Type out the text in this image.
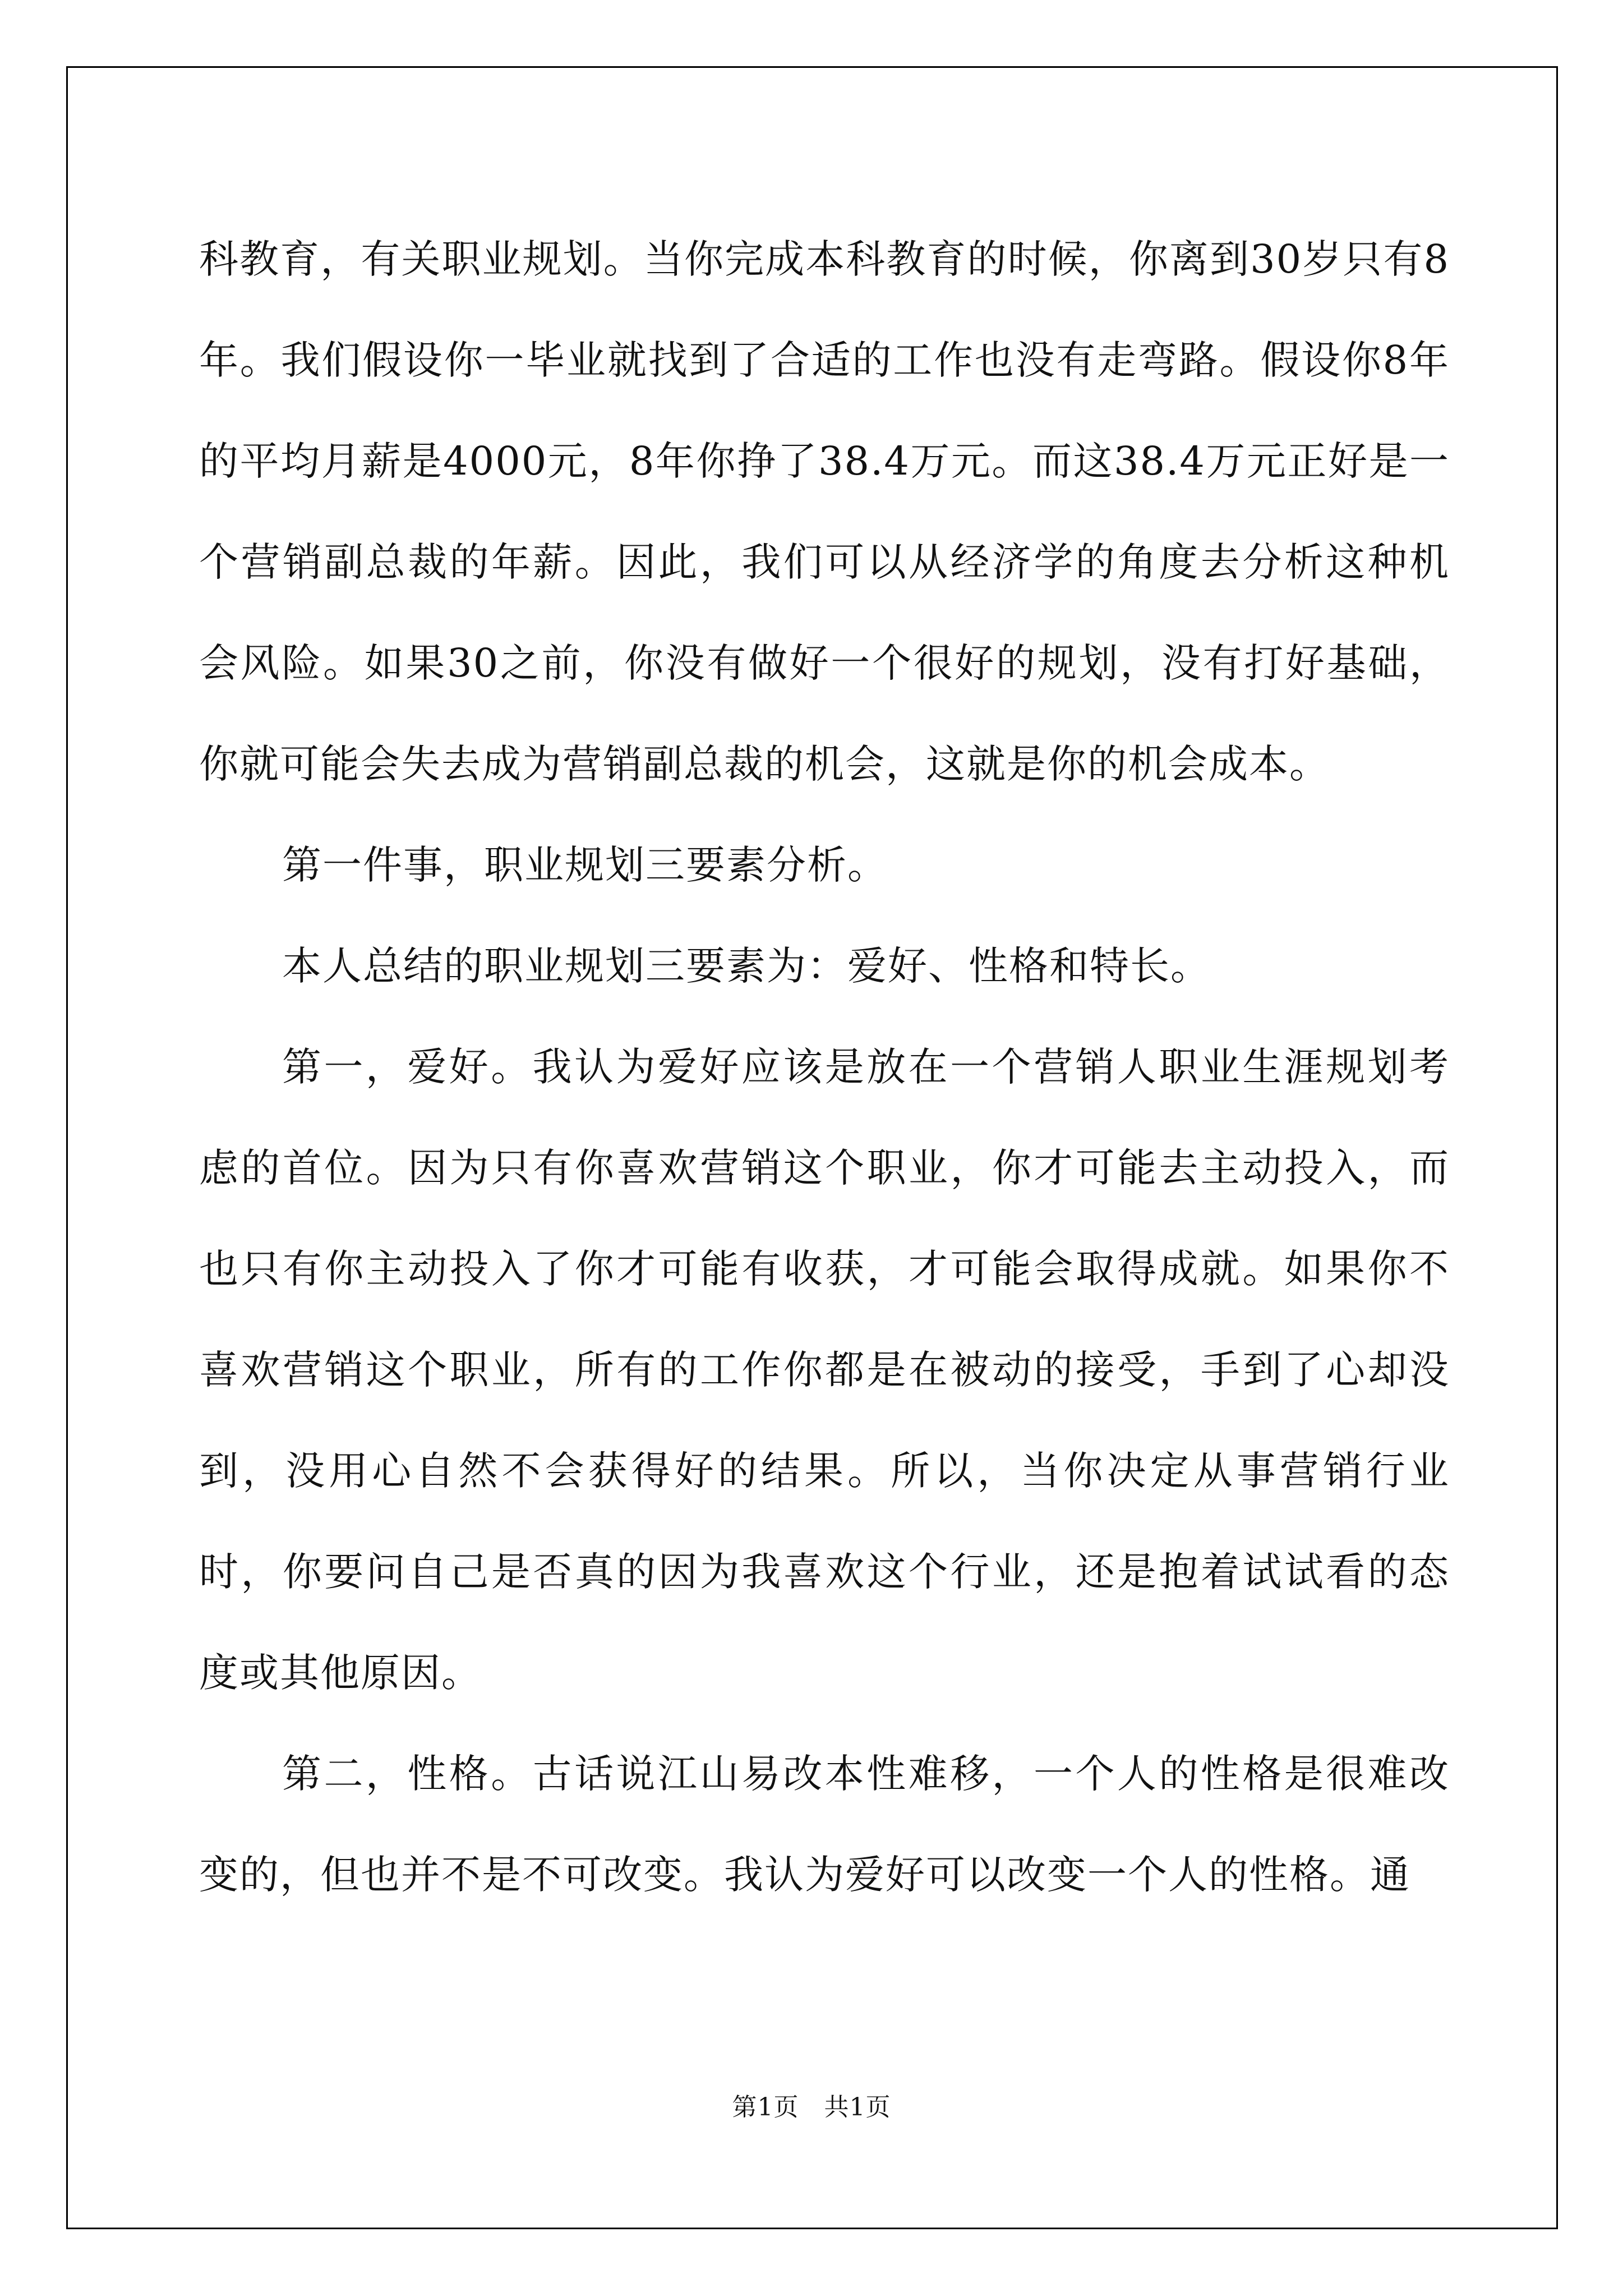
科教育，有关职业规划。当你完成本科教育的时候，你离到30岁只有8年。我们假设你一毕业就找到了合适的工作也没有走弯路。假设你8年的平均月薪是4000元，8年你挣了38.4万元。而这38.4万元正好是一个营销副总裁的年薪。因此，我们可以从经济学的角度去分析这种机会风险。如果30之前，你没有做好一个很好的规划，没有打好基础，你就可能会失去成为营销副总裁的机会，这就是你的机会成本。

第一件事，职业规划三要素分析。

本人总结的职业规划三要素为：爱好、性格和特长。

第一，爱好。我认为爱好应该是放在一个营销人职业生涯规划考虑的首位。因为只有你喜欢营销这个职业，你才可能去主动投入，而也只有你主动投入了你才可能有收获，才可能会取得成就。如果你不喜欢营销这个职业，所有的工作你都是在被动的接受，手到了心却没到，没用心自然不会获得好的结果。所以，当你决定从事营销行业时，你要问自己是否真的因为我喜欢这个行业，还是抱着试试看的态度或其他原因。

第二，性格。古话说江山易改本性难移，一个人的性格是很难改变的，但也并不是不可改变。我认为爱好可以改变一个人的性格。通

第1页　共1页
